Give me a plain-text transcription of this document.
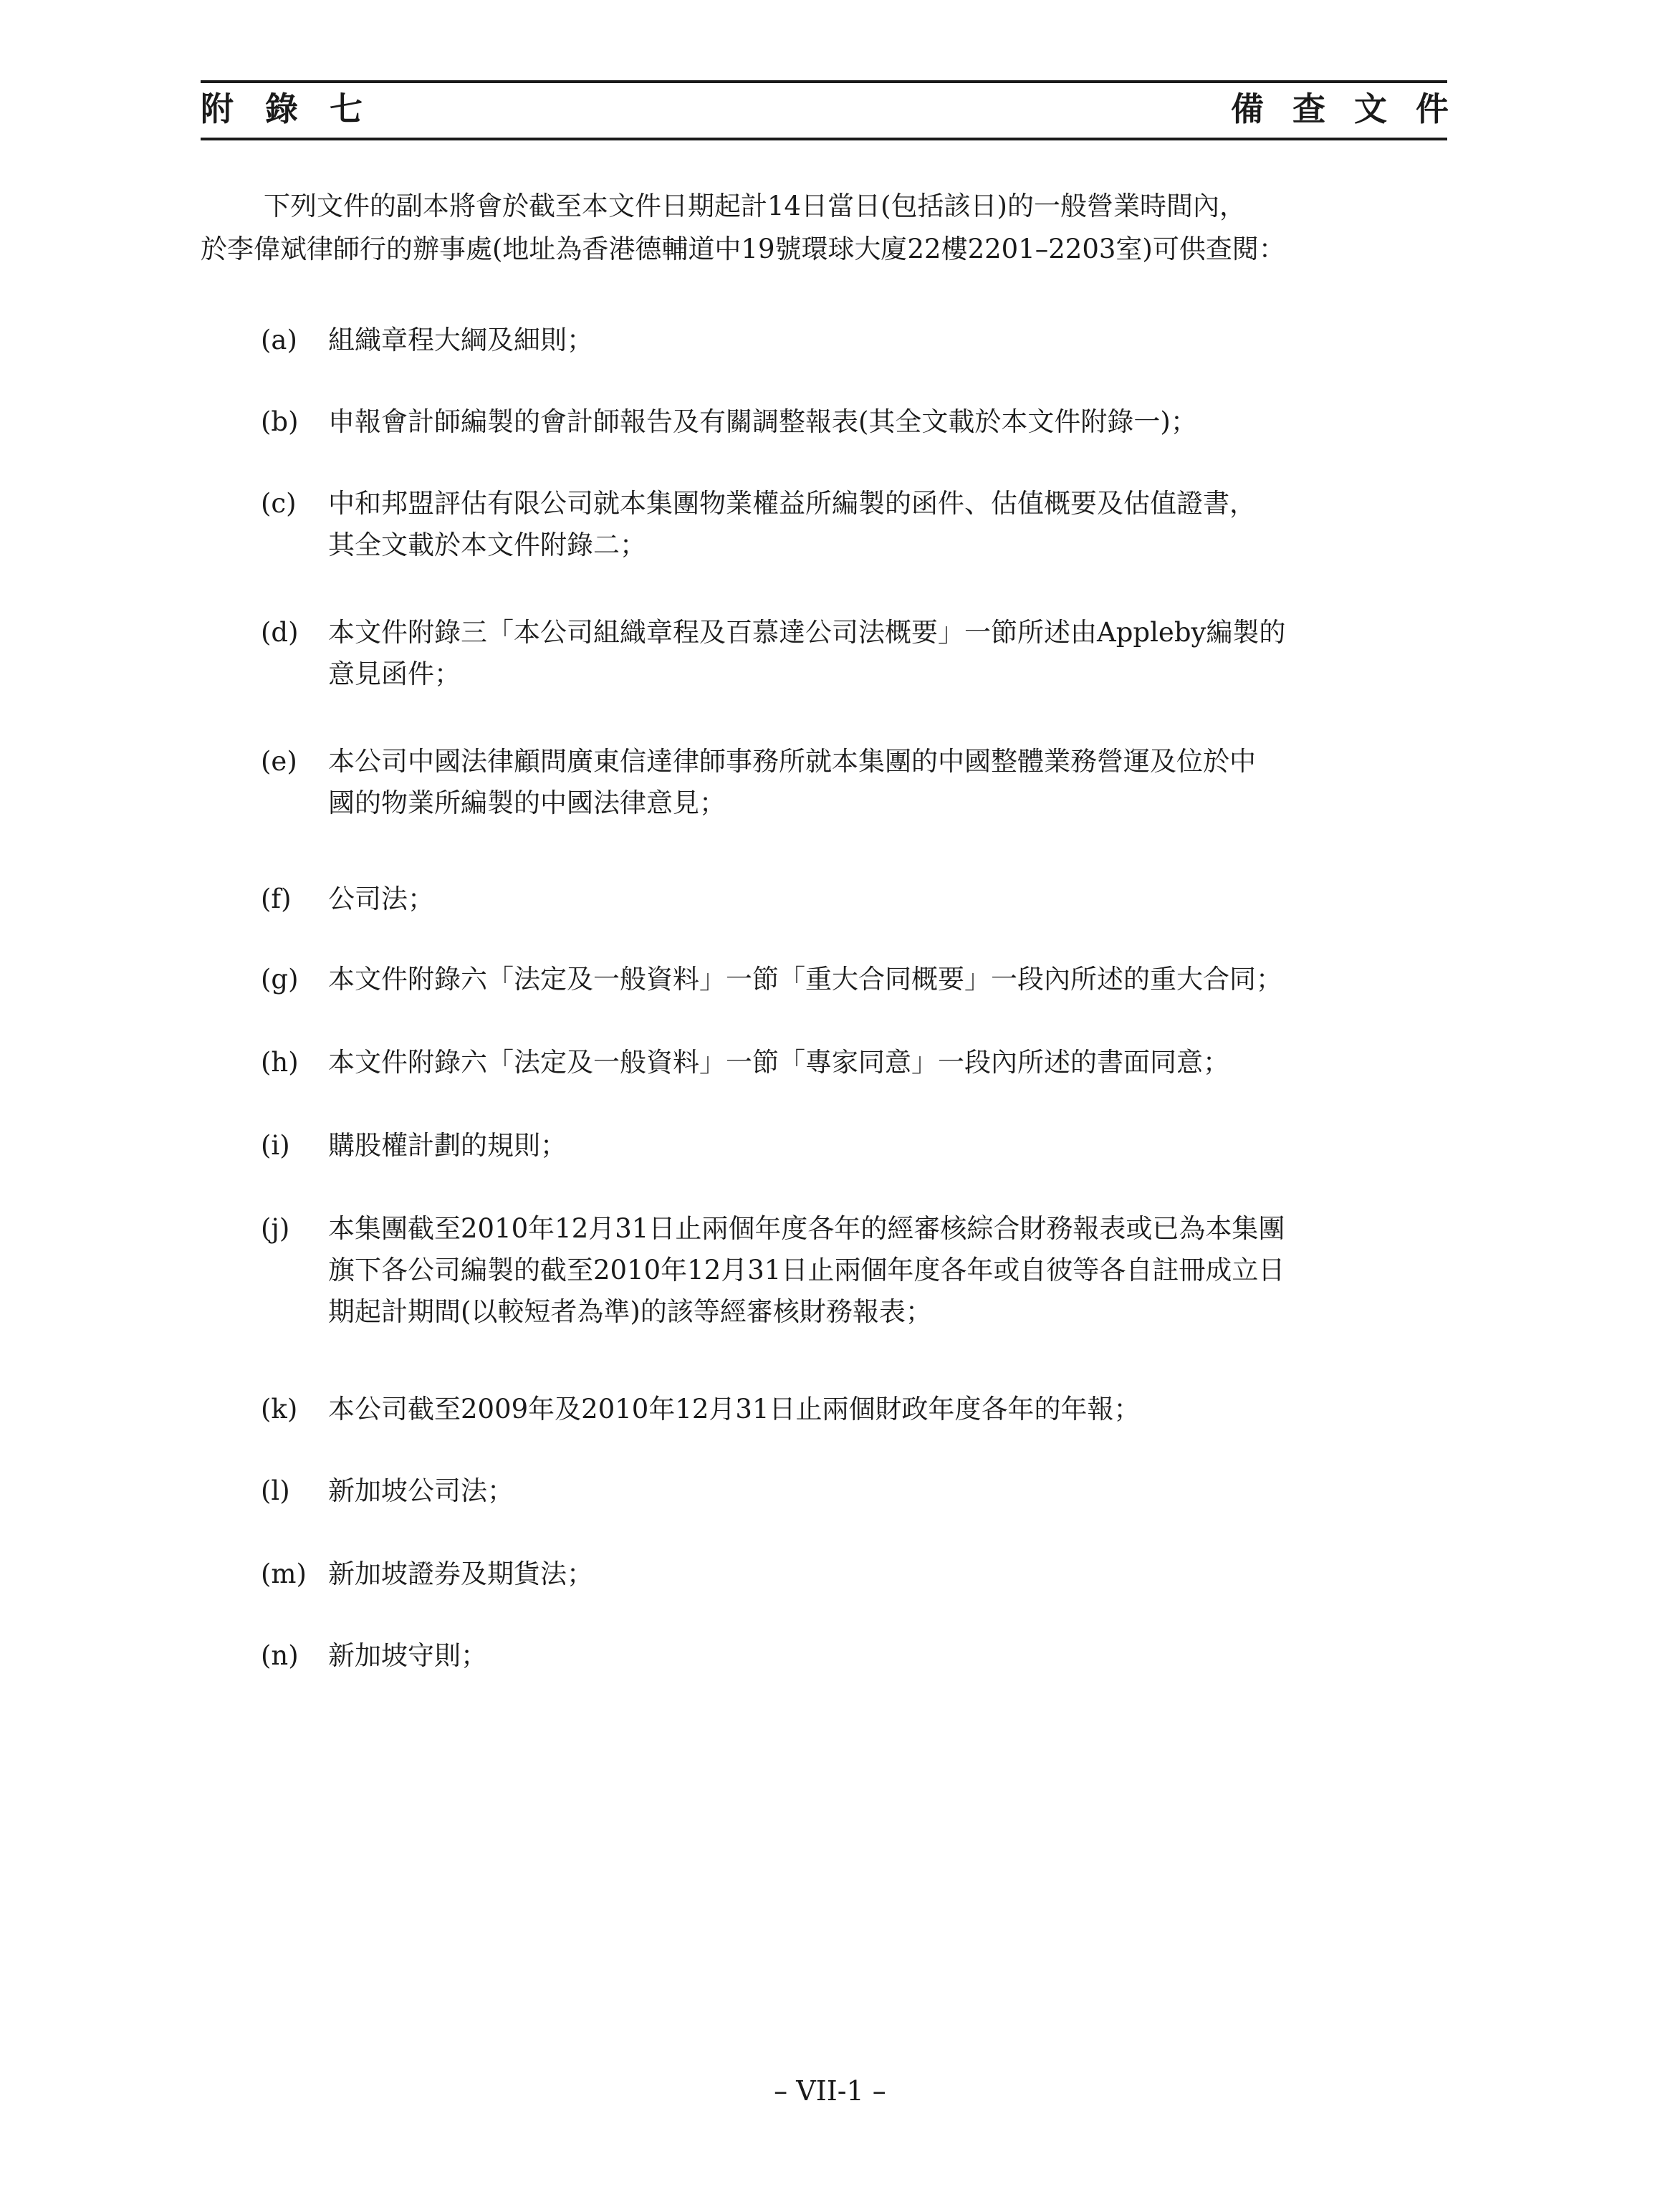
附 錄 七	備 查 文 件
下列文件的副本將會於截至本文件日期起計14日當日(包括該日)的一般營業時間內，
於李偉斌律師行的辦事處(地址為香港德輔道中19號環球大廈22樓2201–2203室)可供查閱：
(a)	組織章程大綱及細則；
(b)	申報會計師編製的會計師報告及有關調整報表(其全文載於本文件附錄一)；
(c)	中和邦盟評估有限公司就本集團物業權益所編製的函件、估值概要及估值證書，
其全文載於本文件附錄二；
(d)	本文件附錄三「本公司組織章程及百慕達公司法概要」一節所述由Appleby編製的
意見函件；
(e)	本公司中國法律顧問廣東信達律師事務所就本集團的中國整體業務營運及位於中
國的物業所編製的中國法律意見；
(f)	公司法；
(g)	本文件附錄六「法定及一般資料」一節「重大合同概要」一段內所述的重大合同；
(h)	本文件附錄六「法定及一般資料」一節「專家同意」一段內所述的書面同意；
(i)	購股權計劃的規則；
(j)	本集團截至2010年12月31日止兩個年度各年的經審核綜合財務報表或已為本集團
旗下各公司編製的截至2010年12月31日止兩個年度各年或自彼等各自註冊成立日
期起計期間(以較短者為準)的該等經審核財務報表；
(k)	本公司截至2009年及2010年12月31日止兩個財政年度各年的年報；
(l)	新加坡公司法；
(m) 新加坡證券及期貨法；
(n)	新加坡守則；
– VII-1 –
